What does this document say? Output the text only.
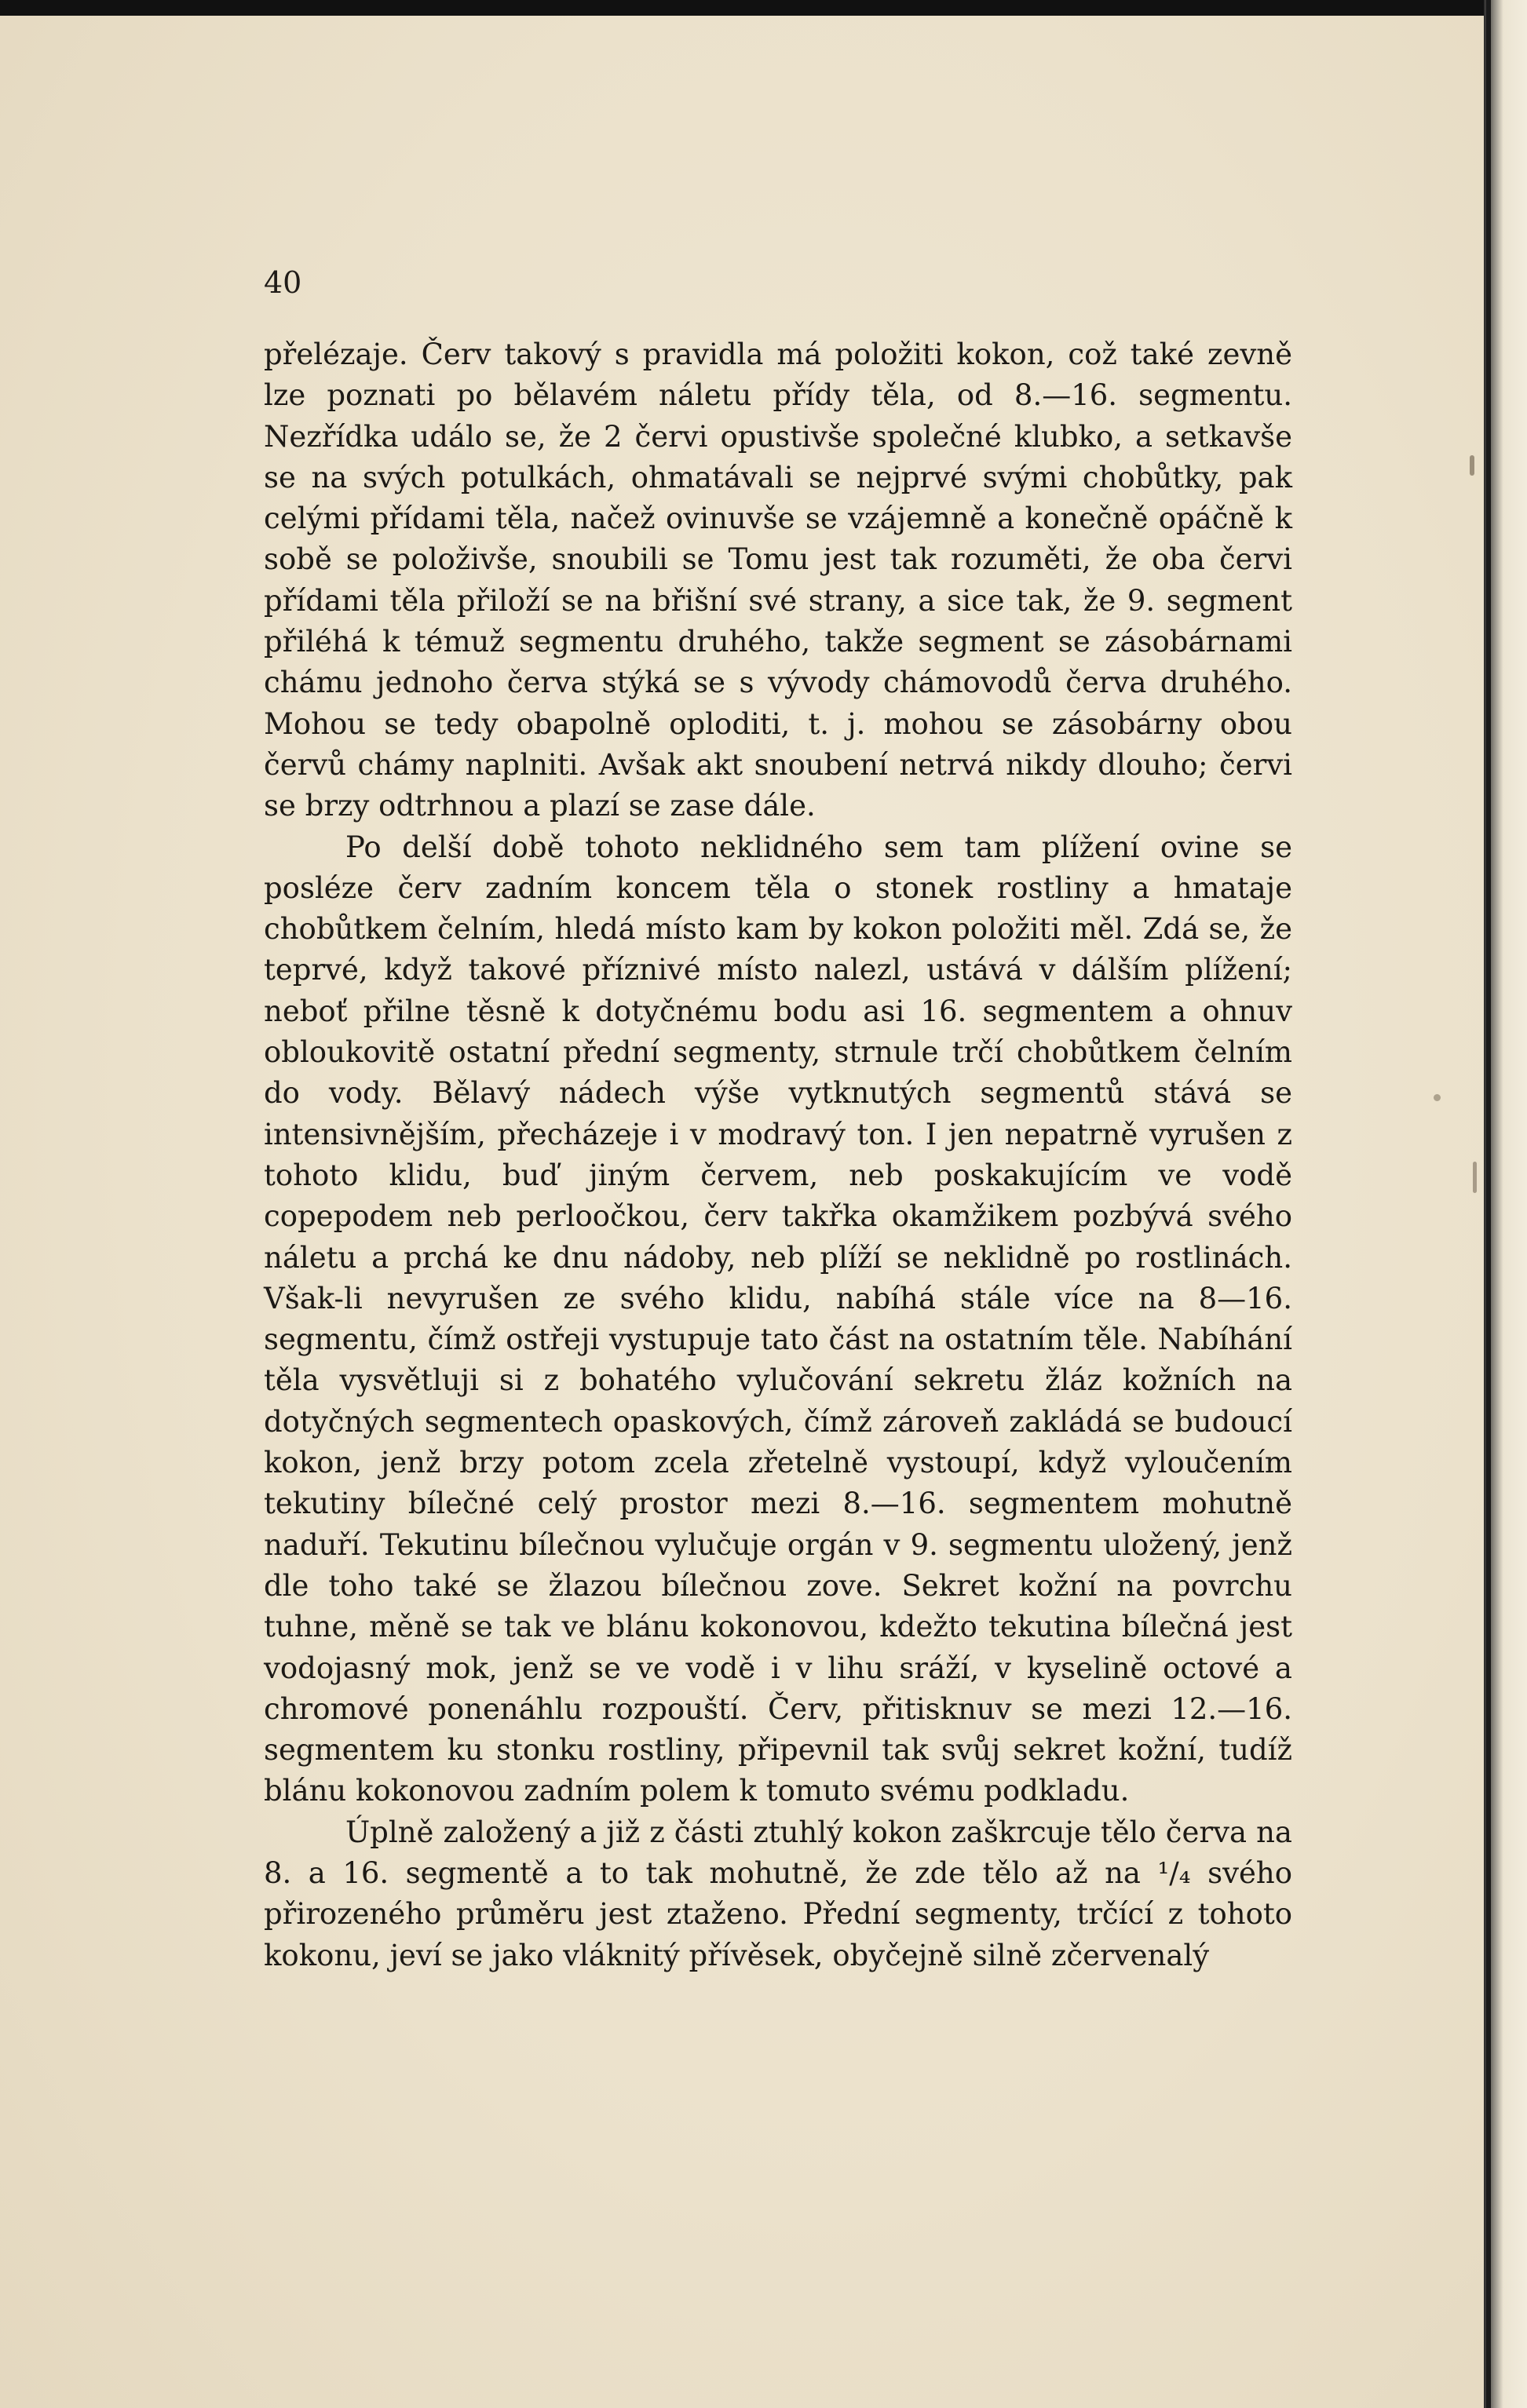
40

přelézaje. Červ takový s pravidla má položiti kokon, což také zevně lze poznati po bělavém náletu přídy těla, od 8.—16. segmentu. Nezřídka událo se, že 2 červi opustivše společné klubko, a setkavše se na svých potulkách, ohmatávali se nejprvé svými chobůtky, pak celými přídami těla, načež ovinuvše se vzájemně a konečně opáčně k sobě se položivše, snoubili se Tomu jest tak rozuměti, že oba červi přídami těla přiloží se na břišní své strany, a sice tak, že 9. segment přiléhá k témuž segmentu druhého, takže segment se zásobárnami chámu jednoho červa stýká se s vývody chámovodů červa druhého. Mohou se tedy obapolně oploditi, t. j. mohou se zásobárny obou červů chámy naplniti. Avšak akt snoubení netrvá nikdy dlouho; červi se brzy odtrhnou a plazí se zase dále.

Po delší době tohoto neklidného sem tam plížení ovine se posléze červ zadním koncem těla o stonek rostliny a hmataje chobůtkem čelním, hledá místo kam by kokon položiti měl. Zdá se, že teprvé, když takové příznivé místo nalezl, ustává v dálším plížení; neboť přilne těsně k dotyčnému bodu asi 16. segmentem a ohnuv obloukovitě ostatní přední segmenty, strnule trčí chobůtkem čelním do vody. Bělavý nádech výše vytknutých segmentů stává se intensivnějším, přecházeje i v modravý ton. I jen nepatrně vyrušen z tohoto klidu, buď jiným červem, neb poskakujícím ve vodě copepodem neb perloočkou, červ takřka okamžikem pozbývá svého náletu a prchá ke dnu nádoby, neb plíží se neklidně po rostlinách. Však-li nevyrušen ze svého klidu, nabíhá stále více na 8—16. segmentu, čímž ostřeji vystupuje tato část na ostatním těle. Nabíhání těla vysvětluji si z bohatého vylučování sekretu žláz kožních na dotyčných segmentech opaskových, čímž zároveň zakládá se budoucí kokon, jenž brzy potom zcela zřetelně vystoupí, když vyloučením tekutiny bílečné celý prostor mezi 8.—16. segmentem mohutně naduří. Tekutinu bílečnou vylučuje orgán v 9. segmentu uložený, jenž dle toho také se žlazou bílečnou zove. Sekret kožní na povrchu tuhne, měně se tak ve blánu kokonovou, kdežto tekutina bílečná jest vodojasný mok, jenž se ve vodě i v lihu sráží, v kyselině octové a chromové ponenáhlu rozpouští. Červ, přitisknuv se mezi 12.—16. segmentem ku stonku rostliny, připevnil tak svůj sekret kožní, tudíž blánu kokonovou zadním polem k tomuto svému podkladu.

Úplně založený a již z části ztuhlý kokon zaškrcuje tělo červa na 8. a 16. segmentě a to tak mohutně, že zde tělo až na ¹/₄ svého přirozeného průměru jest ztaženo. Přední segmenty, trčící z tohoto kokonu, jeví se jako vláknitý přívěsek, obyčejně silně zčervenalý
